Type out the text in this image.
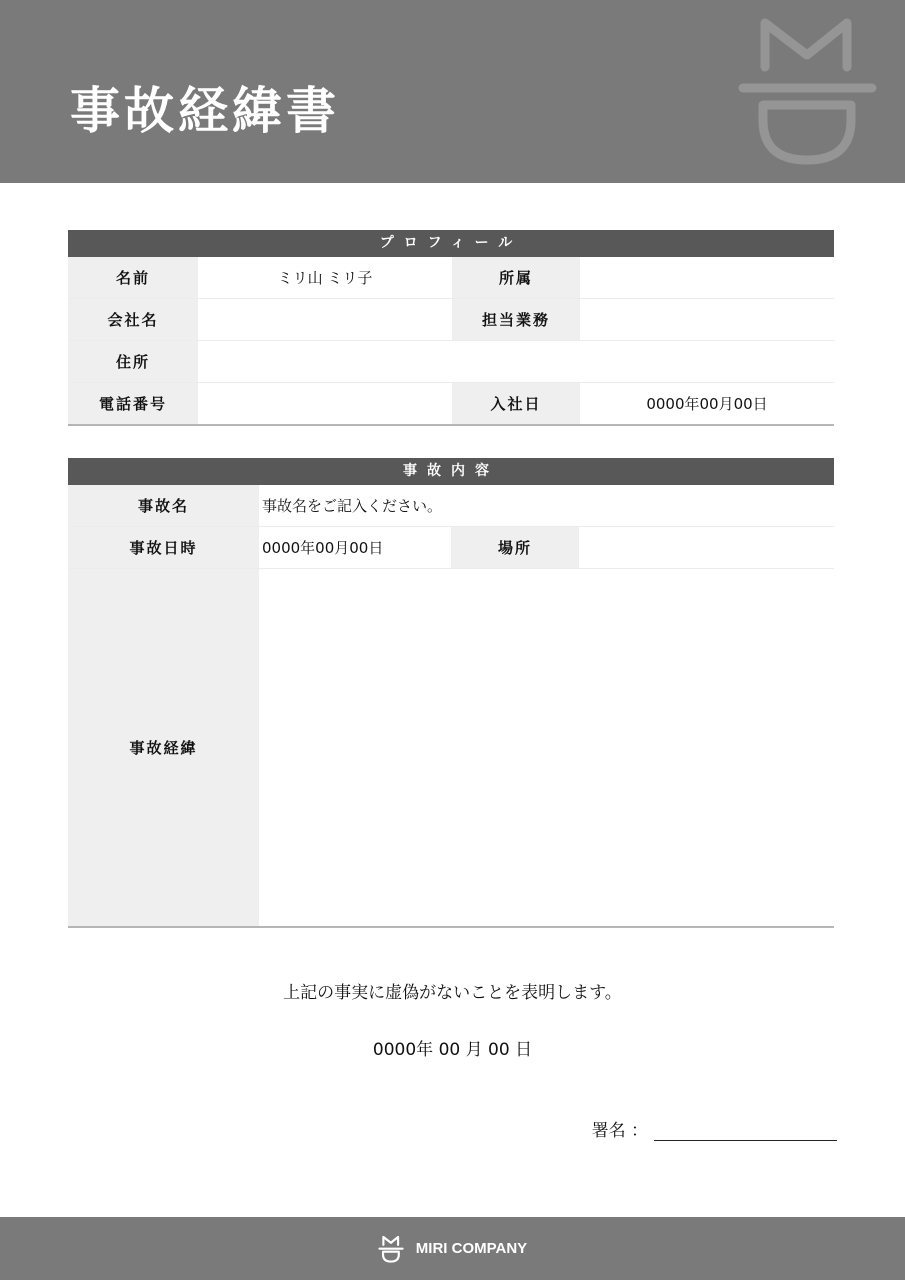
事故経緯書
プロフィール
名前	ミリ山 ミリ子	所属	
会社名		担当業務	
住所			
電話番号		入社日	0000年00月00日
事故内容
事故名	事故名をご記入ください。		
事故日時	0000年00月00日	場所	
事故経緯			
上記の事実に虚偽がないことを表明します。
0000年 00 月 00 日
署名 ：
MIRI COMPANY
